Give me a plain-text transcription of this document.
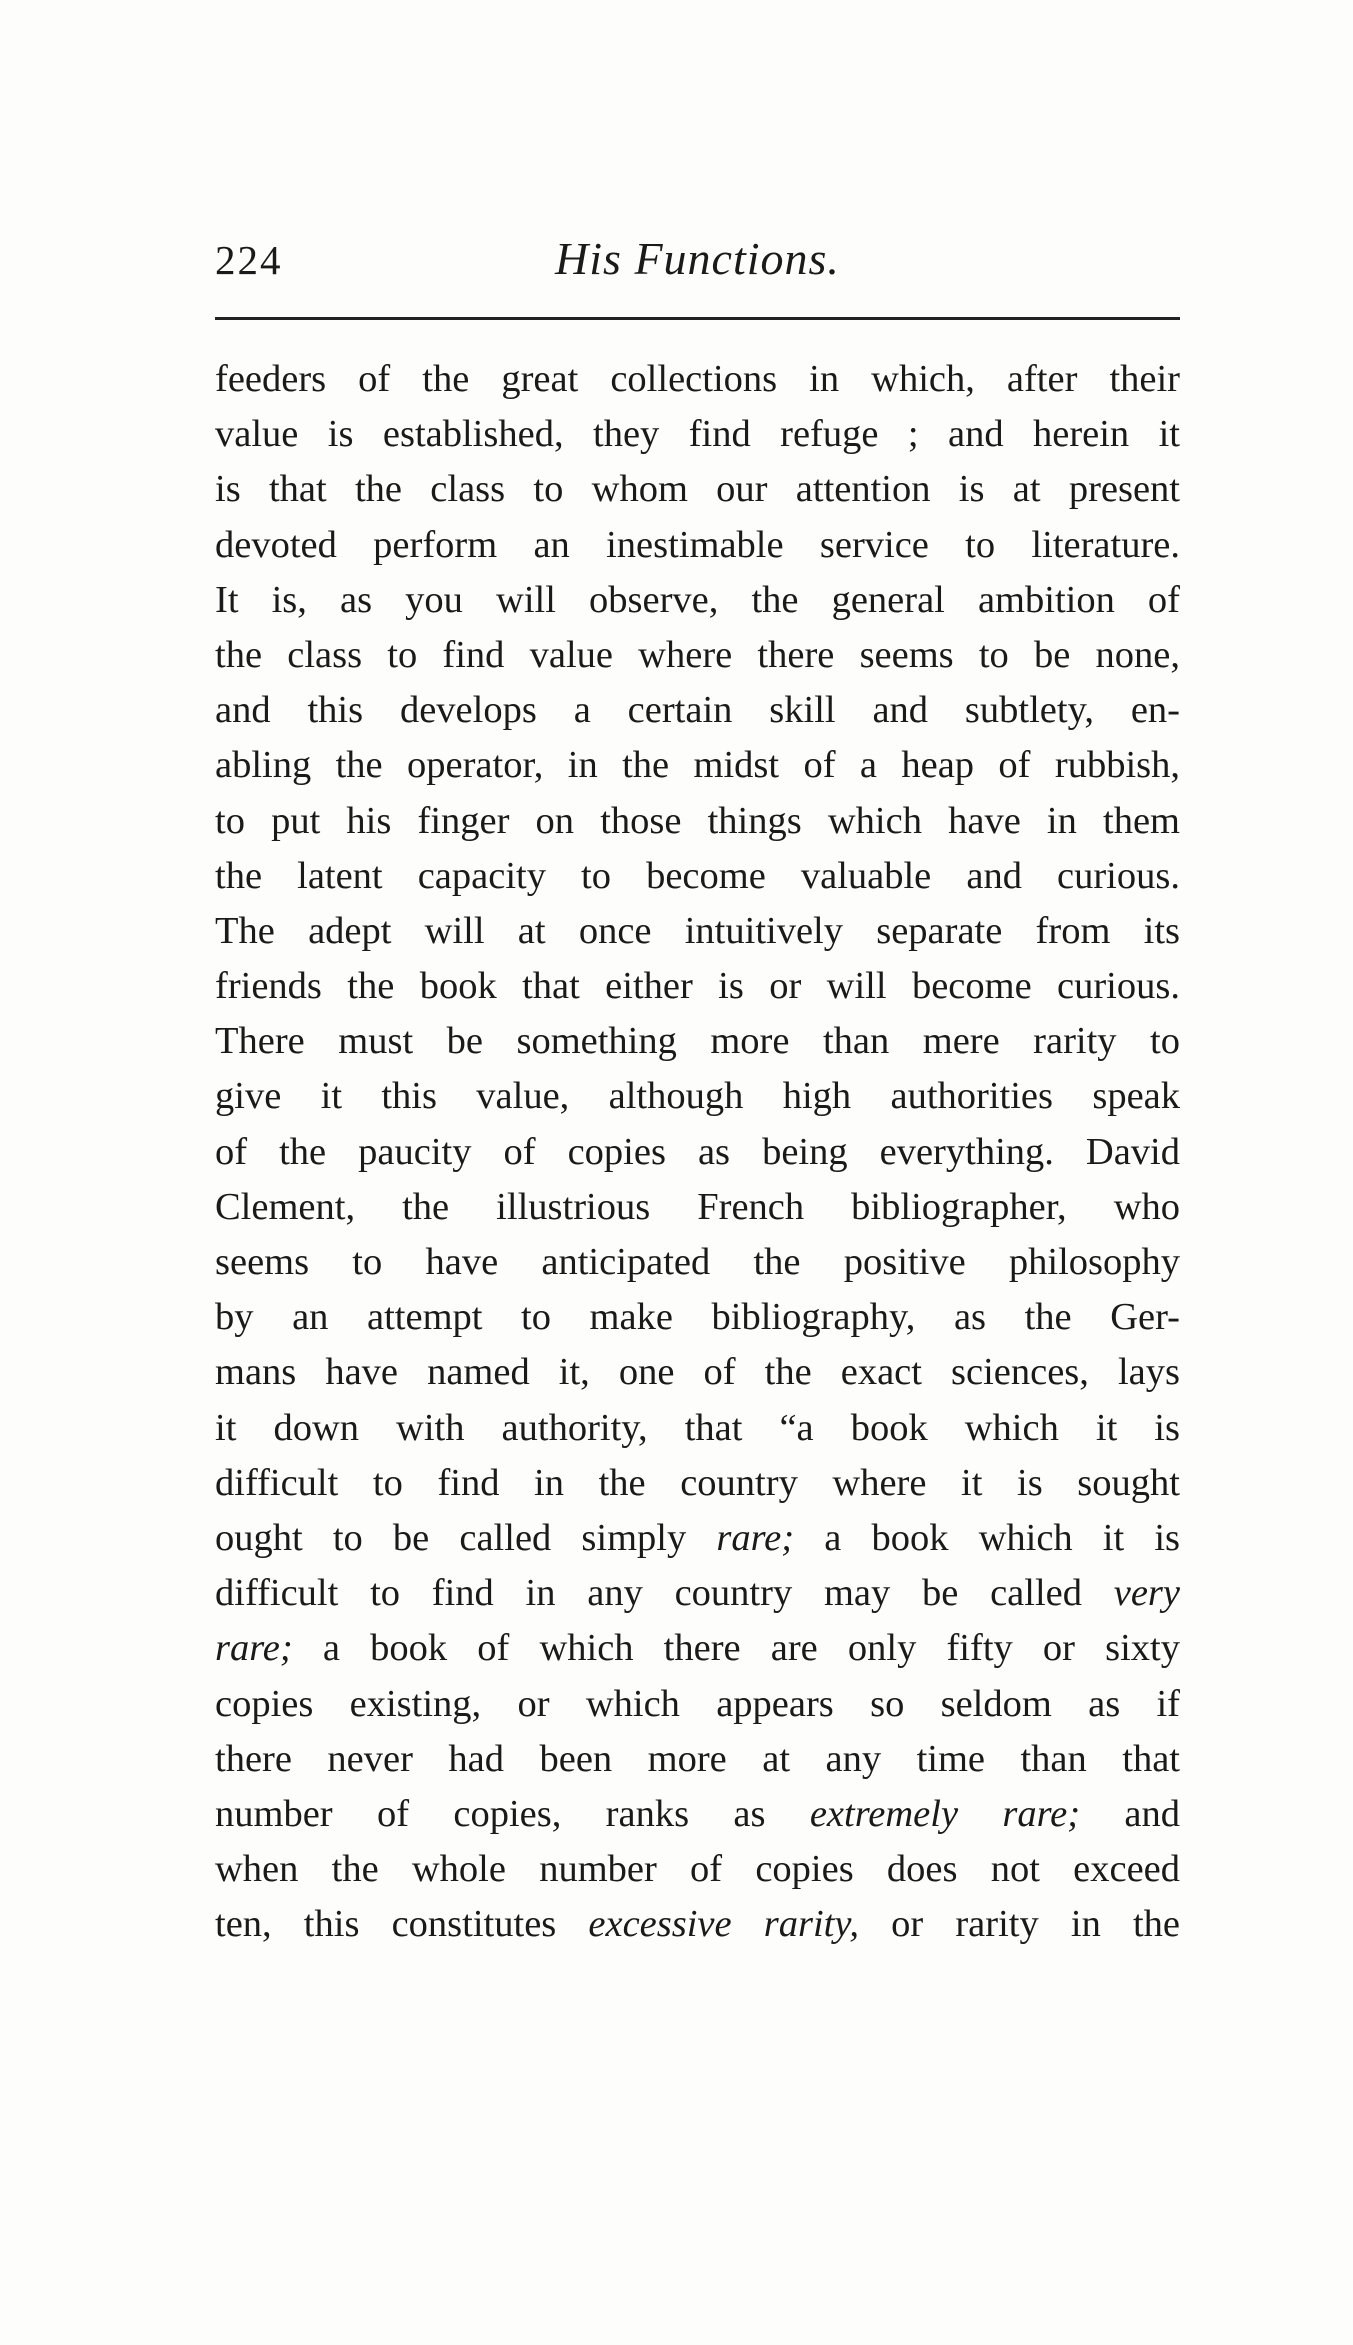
224	His Functions.
feeders of the great collections in which, after their
value is established, they find refuge ; and herein it
is that the class to whom our attention is at present
devoted perform an inestimable service to literature.
It is, as you will observe, the general ambition of
the class to find value where there seems to be none,
and this develops a certain skill and subtlety, en-
abling the operator, in the midst of a heap of rubbish,
to put his finger on those things which have in them
the latent capacity to become valuable and curious.
The adept will at once intuitively separate from its
friends the book that either is or will become curious.
There must be something more than mere rarity to
give it this value, although high authorities speak
of the paucity of copies as being everything. David
Clement, the illustrious French bibliographer, who
seems to have anticipated the positive philosophy
by an attempt to make bibliography, as the Ger-
mans have named it, one of the exact sciences, lays
it down with authority, that “a book which it is
difficult to find in the country where it is sought
ought to be called simply rare; a book which it is
difficult to find in any country may be called very
rare; a book of which there are only fifty or sixty
copies existing, or which appears so seldom as if
there never had been more at any time than that
number of copies, ranks as extremely rare; and
when the whole number of copies does not exceed
ten, this constitutes excessive rarity, or rarity in the
